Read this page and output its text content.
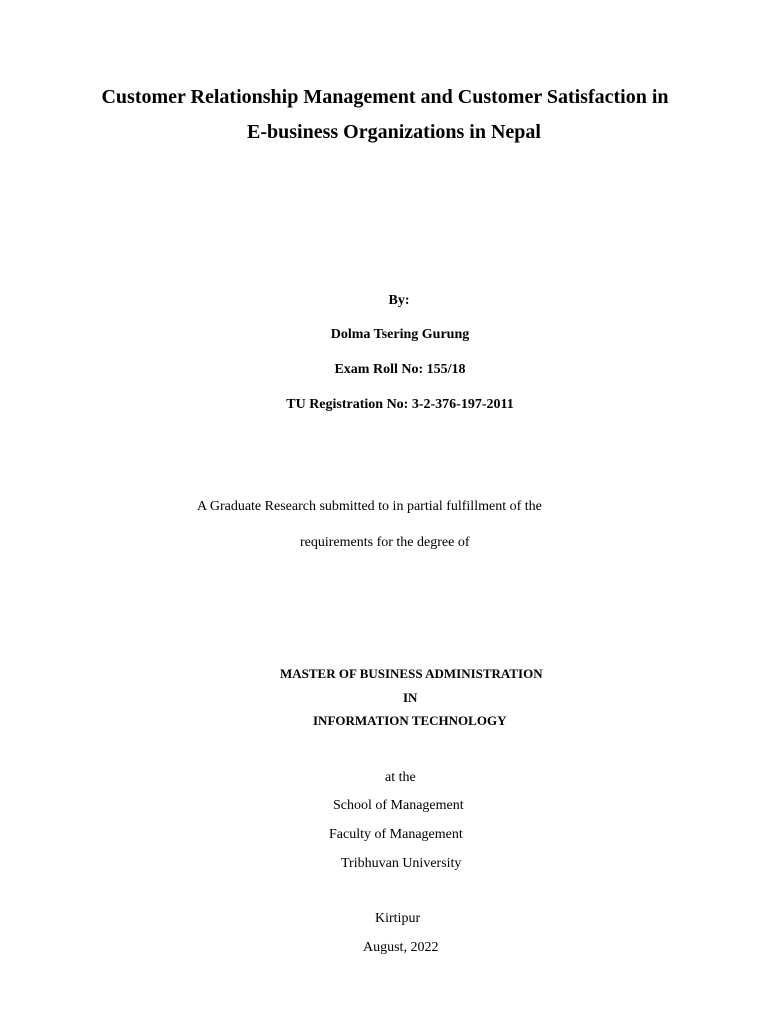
Customer Relationship Management and Customer Satisfaction in
E-business Organizations in Nepal
By:
Dolma Tsering Gurung
Exam Roll No: 155/18
TU Registration No: 3-2-376-197-2011
A Graduate Research submitted to in partial fulfillment of the
requirements for the degree of
MASTER OF BUSINESS ADMINISTRATION
IN
INFORMATION TECHNOLOGY
at the
School of Management
Faculty of Management
Tribhuvan University
Kirtipur
August, 2022
